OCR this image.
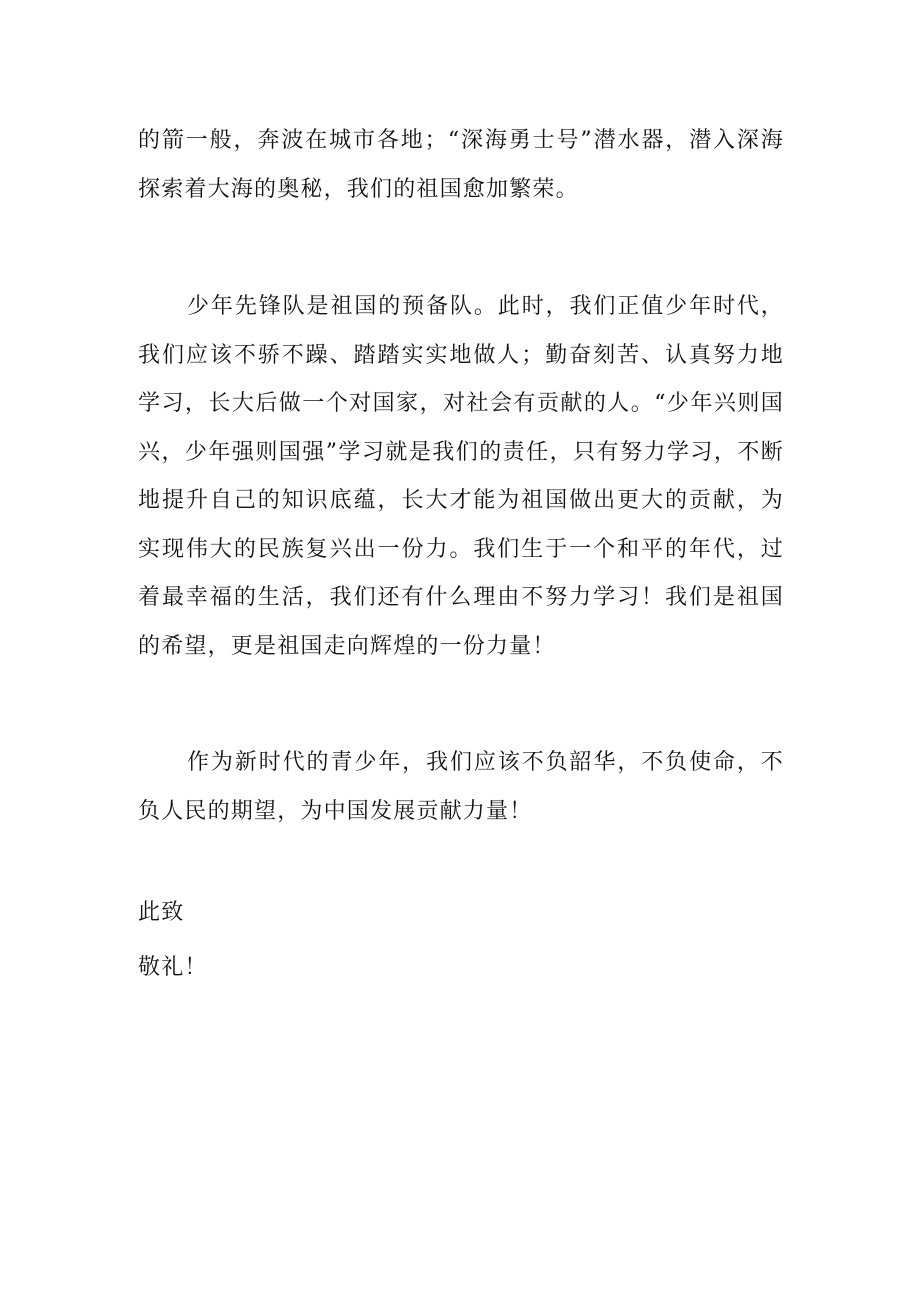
的箭一般，奔波在城市各地；“深海勇士号”潜水器，潜入深海探索着大海的奥秘，我们的祖国愈加繁荣。

少年先锋队是祖国的预备队。此时，我们正值少年时代，我们应该不骄不躁、踏踏实实地做人；勤奋刻苦、认真努力地学习，长大后做一个对国家，对社会有贡献的人。“少年兴则国兴，少年强则国强”学习就是我们的责任，只有努力学习，不断地提升自己的知识底蕴，长大才能为祖国做出更大的贡献，为实现伟大的民族复兴出一份力。我们生于一个和平的年代，过着最幸福的生活，我们还有什么理由不努力学习！我们是祖国的希望，更是祖国走向辉煌的一份力量！

作为新时代的青少年，我们应该不负韶华，不负使命，不负人民的期望，为中国发展贡献力量！

此致
敬礼！
